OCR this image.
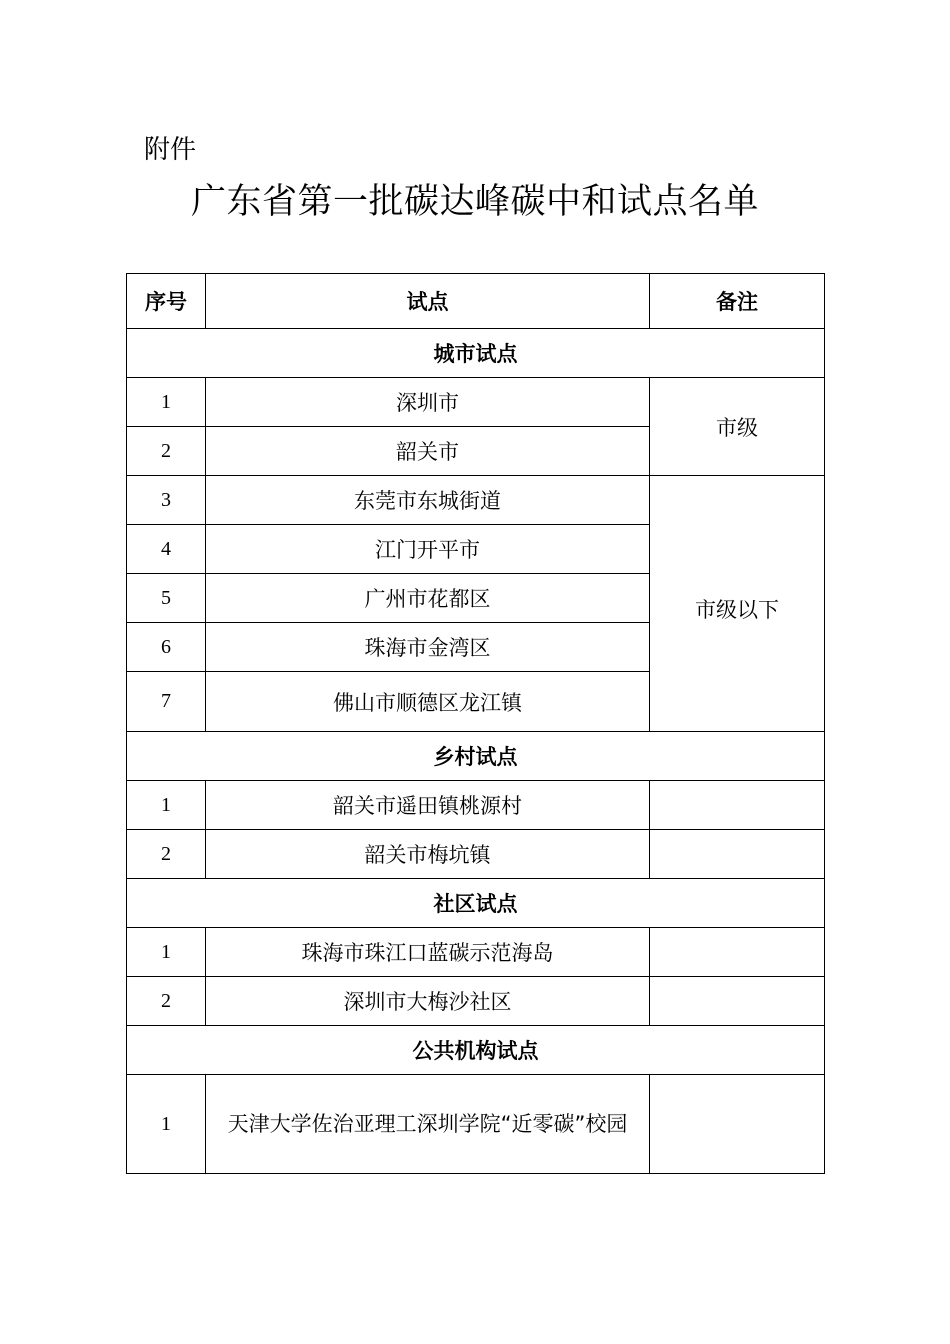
附件
广东省第一批碳达峰碳中和试点名单
序号	试点	备注
城市试点		
1	深圳市	市级
2	韶关市	
3	东莞市东城街道	市级以下
4	江门开平市	
5	广州市花都区	
6	珠海市金湾区	
7	佛山市顺德区龙江镇	
乡村试点		
1	韶关市遥田镇桃源村	
2	韶关市梅坑镇	
社区试点		
1	珠海市珠江口蓝碳示范海岛	
2	深圳市大梅沙社区	
公共机构试点		
1	天津大学佐治亚理工深圳学院“近零碳”校园	
